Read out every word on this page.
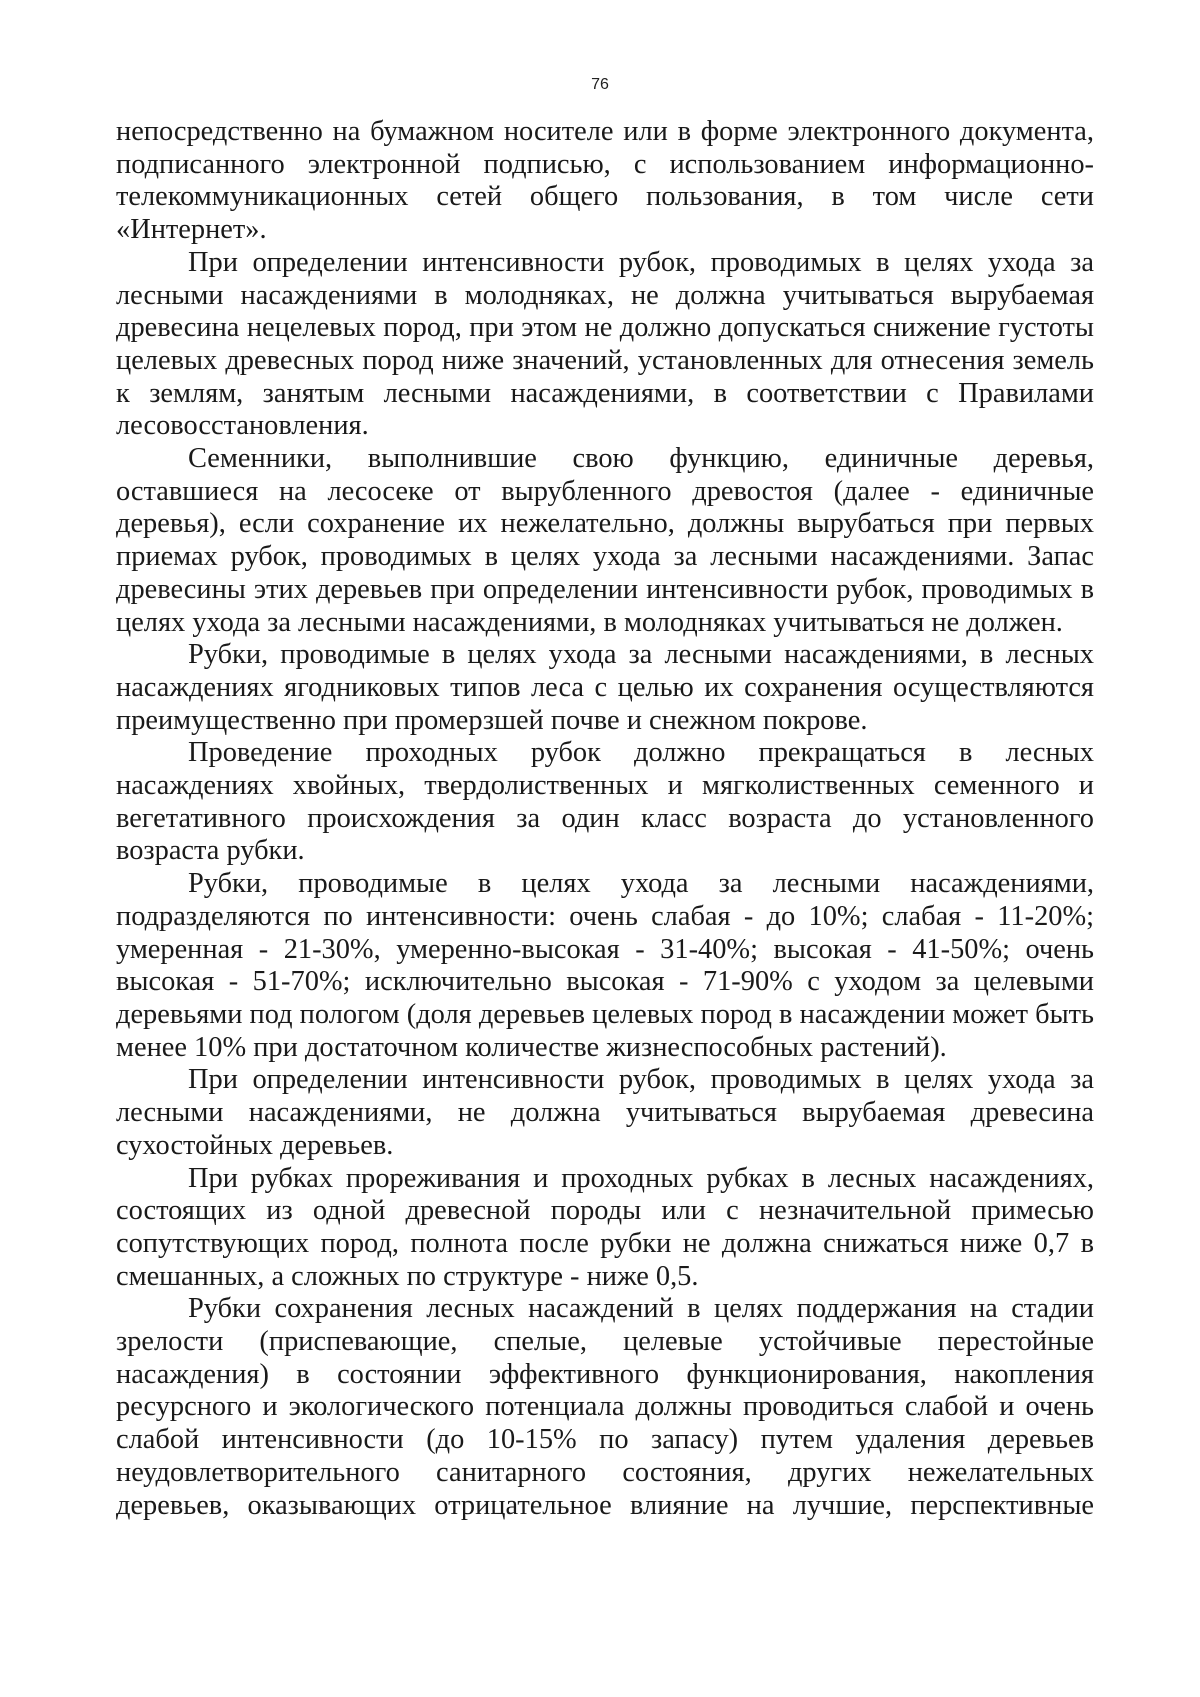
76

непосредственно на бумажном носителе или в форме электронного документа, подписанного электронной подписью, с использованием информационно-телекоммуникационных сетей общего пользования, в том числе сети «Интернет».

При определении интенсивности рубок, проводимых в целях ухода за лесными насаждениями в молодняках, не должна учитываться вырубаемая древесина нецелевых пород, при этом не должно допускаться снижение густоты целевых древесных пород ниже значений, установленных для отнесения земель к землям, занятым лесными насаждениями, в соответствии с Правилами лесовосстановления.

Семенники, выполнившие свою функцию, единичные деревья, оставшиеся на лесосеке от вырубленного древостоя (далее - единичные деревья), если сохранение их нежелательно, должны вырубаться при первых приемах рубок, проводимых в целях ухода за лесными насаждениями. Запас древесины этих деревьев при определении интенсивности рубок, проводимых в целях ухода за лесными насаждениями, в молодняках учитываться не должен.

Рубки, проводимые в целях ухода за лесными насаждениями, в лесных насаждениях ягодниковых типов леса с целью их сохранения осуществляются преимущественно при промерзшей почве и снежном покрове.

Проведение проходных рубок должно прекращаться в лесных насаждениях хвойных, твердолиственных и мягколиственных семенного и вегетативного происхождения за один класс возраста до установленного возраста рубки.

Рубки, проводимые в целях ухода за лесными насаждениями, подразделяются по интенсивности: очень слабая - до 10%; слабая - 11-20%; умеренная - 21-30%, умеренно-высокая - 31-40%; высокая - 41-50%; очень высокая - 51-70%; исключительно высокая - 71-90% с уходом за целевыми деревьями под пологом (доля деревьев целевых пород в насаждении может быть менее 10% при достаточном количестве жизнеспособных растений).

При определении интенсивности рубок, проводимых в целях ухода за лесными насаждениями, не должна учитываться вырубаемая древесина сухостойных деревьев.

При рубках прореживания и проходных рубках в лесных насаждениях, состоящих из одной древесной породы или с незначительной примесью сопутствующих пород, полнота после рубки не должна снижаться ниже 0,7 в смешанных, а сложных по структуре - ниже 0,5.

Рубки сохранения лесных насаждений в целях поддержания на стадии зрелости (приспевающие, спелые, целевые устойчивые перестойные насаждения) в состоянии эффективного функционирования, накопления ресурсного и экологического потенциала должны проводиться слабой и очень слабой интенсивности (до 10-15% по запасу) путем удаления деревьев неудовлетворительного санитарного состояния, других нежелательных деревьев, оказывающих отрицательное влияние на лучшие, перспективные
